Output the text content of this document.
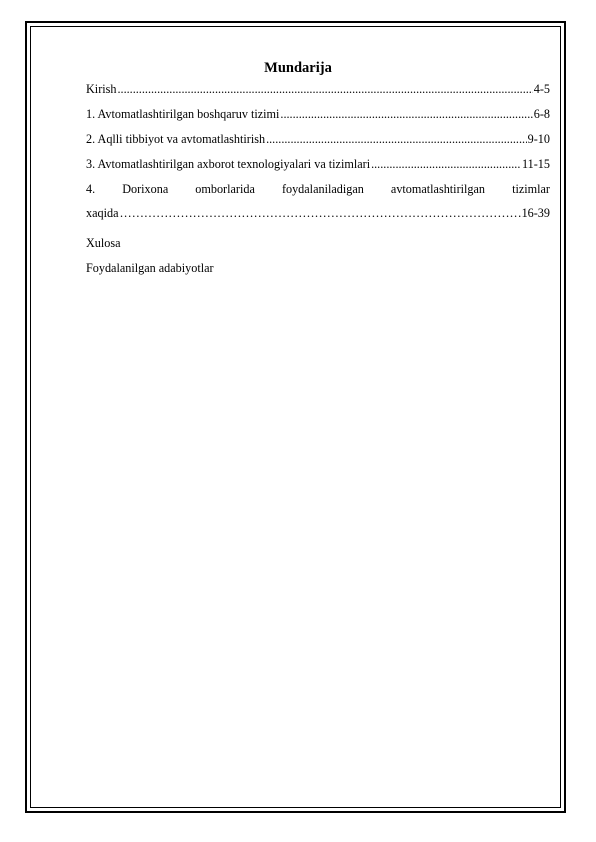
Mundarija
Kirish .....	4-5
1. Avtomatlashtirilgan boshqaruv tizimi .....	6-8
2. Aqlli tibbiyot va avtomatlashtirish .....	9-10
3. Avtomatlashtirilgan axborot texnologiyalari va tizimlari .....	11-15
4. Dorixona omborlarida foydalaniladigan avtomatlashtirilgan tizimlar
xaqida ……………………………………………………………………………………………………………………………………	16-39
Xulosa
Foydalanilgan adabiyotlar
